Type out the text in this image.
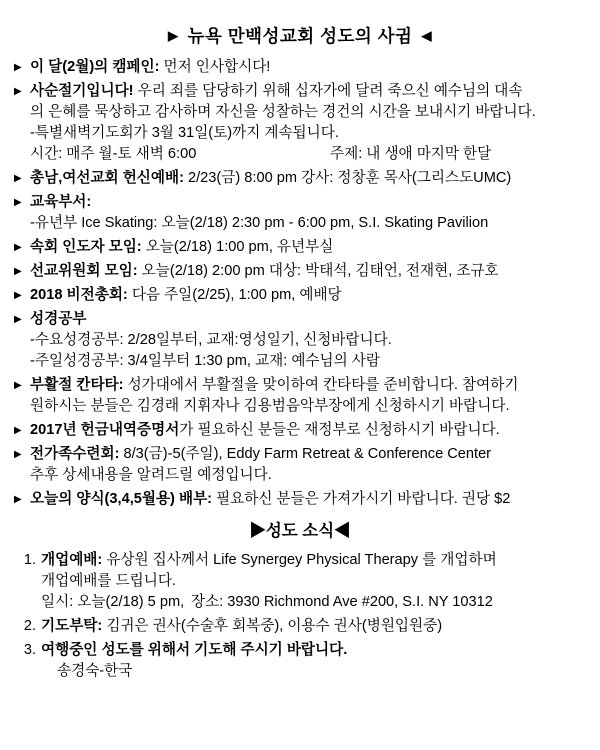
▶ 뉴욕 만백성교회 성도의 사귐 ◀
▶ 이 달(2월)의 캠페인: 먼저 인사합시다!
▶ 사순절기입니다! 우리 죄를 담당하기 위해 십자가에 달려 죽으신 예수님의 대속
의 은혜를 묵상하고 감사하며 자신을 성찰하는 경건의 시간을 보내시기 바랍니다.
-특별새벽기도회가 3월 31일(토)까지 계속됩니다.
시간: 매주 월-토 새벽 6:00	주제: 내 생애 마지막 한달
▶ 총남,여선교회 헌신예배: 2/23(금) 8:00 pm 강사: 정창훈 목사(그리스도UMC)
▶ 교육부서:
-유년부 Ice Skating: 오늘(2/18) 2:30 pm - 6:00 pm, S.I. Skating Pavilion
▶ 속회 인도자 모임: 오늘(2/18) 1:00 pm, 유년부실
▶ 선교위원회 모임: 오늘(2/18) 2:00 pm 대상: 박태석, 김태언, 전재현, 조규호
▶ 2018 비전총회: 다음 주일(2/25), 1:00 pm, 예배당
▶ 성경공부
-수요성경공부: 2/28일부터, 교재:영성일기, 신청바랍니다.
-주일성경공부: 3/4일부터 1:30 pm, 교재: 예수님의 사람
▶ 부활절 칸타타: 성가대에서 부활절을 맞이하여 칸타타를 준비합니다. 참여하기
원하시는 분들은 김경래 지휘자나 김용범음악부장에게 신청하시기 바랍니다.
▶ 2017년 헌금내역증명서가 필요하신 분들은 재정부로 신청하시기 바랍니다.
▶ 전가족수련회: 8/3(금)-5(주일), Eddy Farm Retreat & Conference Center
추후 상세내용을 알려드릴 예정입니다.
▶ 오늘의 양식(3,4,5월용) 배부: 필요하신 분들은 가져가시기 바랍니다. 권당 $2
▶성도 소식◀
1. 개업예배: 유상원 집사께서 Life Synergey Physical Therapy 를 개업하며
개업예배를 드립니다.
일시: 오늘(2/18) 5 pm, 장소: 3930 Richmond Ave #200, S.I. NY 10312
2. 기도부탁: 김귀은 권사(수술후 회복중), 이용수 권사(병원입원중)
3. 여행중인 성도를 위해서 기도해 주시기 바랍니다.
송경숙-한국
